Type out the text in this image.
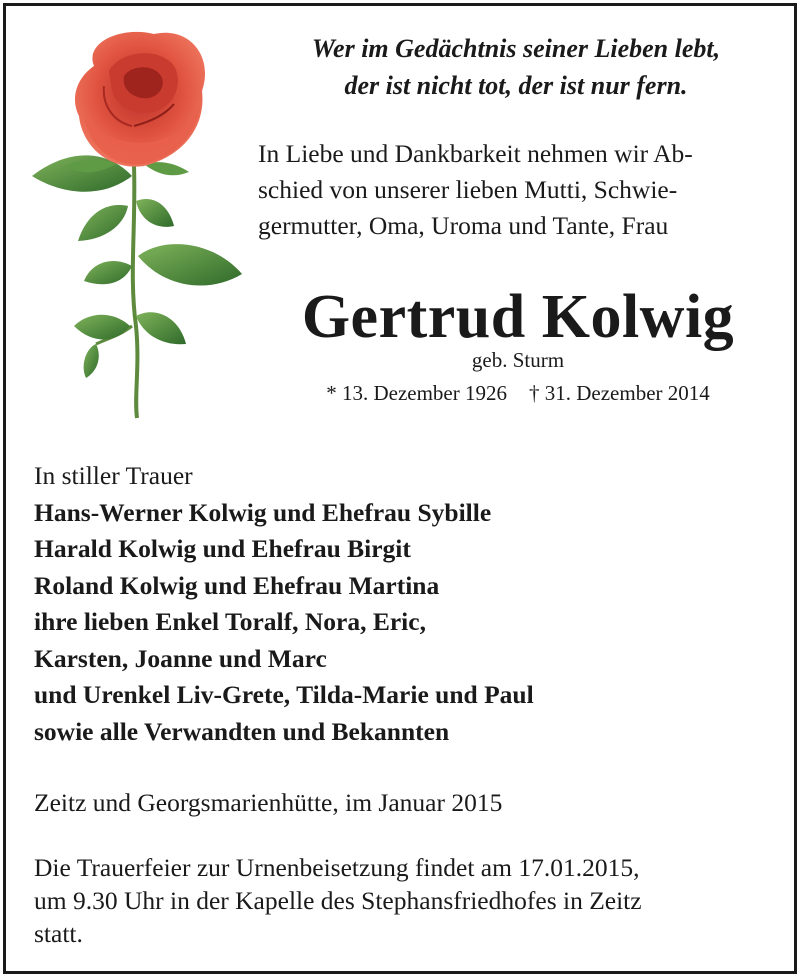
Wer im Gedächtnis seiner Lieben lebt,
der ist nicht tot, der ist nur fern.
In Liebe und Dankbarkeit nehmen wir Ab-
schied von unserer lieben Mutti, Schwie-
germutter, Oma, Uroma und Tante, Frau
Gertrud Kolwig
geb. Sturm
* 13. Dezember 1926 † 31. Dezember 2014
In stiller Trauer
Hans-Werner Kolwig und Ehefrau Sybille
Harald Kolwig und Ehefrau Birgit
Roland Kolwig und Ehefrau Martina
ihre lieben Enkel Toralf, Nora, Eric,
Karsten, Joanne und Marc
und Urenkel Liv-Grete, Tilda-Marie und Paul
sowie alle Verwandten und Bekannten
Zeitz und Georgsmarienhütte, im Januar 2015
Die Trauerfeier zur Urnenbeisetzung findet am 17.01.2015,
um 9.30 Uhr in der Kapelle des Stephansfriedhofes in Zeitz
statt.
